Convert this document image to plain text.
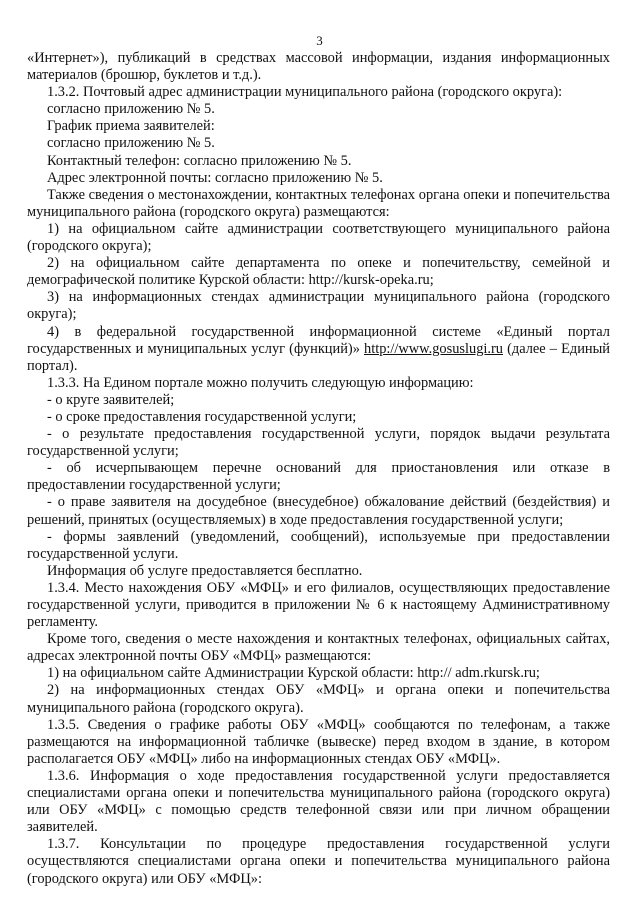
3

«Интернет»), публикаций в средствах массовой информации, издания информационных материалов (брошюр, буклетов и т.д.).

1.3.2. Почтовый адрес администрации муниципального района (городского округа):

согласно приложению № 5.

График приема заявителей:

согласно приложению № 5.

Контактный телефон: согласно приложению № 5.

Адрес электронной почты: согласно приложению № 5.

Также сведения о местонахождении, контактных телефонах органа опеки и попечительства муниципального района (городского округа) размещаются:

1) на официальном сайте администрации соответствующего муниципального района (городского округа);

2) на официальном сайте департамента по опеке и попечительству, семейной и демографической политике Курской области: http://kursk-opeka.ru;

3) на информационных стендах администрации муниципального района (городского округа);

4) в федеральной государственной информационной системе «Единый портал государственных и муниципальных услуг (функций)» http://www.gosuslugi.ru (далее – Единый портал).

1.3.3. На Едином портале можно получить следующую информацию:

- о круге заявителей;

- о сроке предоставления государственной услуги;

- о результате предоставления государственной услуги, порядок выдачи результата государственной услуги;

- об исчерпывающем перечне оснований для приостановления или отказе в предоставлении государственной услуги;

- о праве заявителя на досудебное (внесудебное) обжалование действий (бездействия) и решений, принятых (осуществляемых) в ходе предоставления государственной услуги;

- формы заявлений (уведомлений, сообщений), используемые при предоставлении государственной услуги.

Информация об услуге предоставляется бесплатно.

1.3.4. Место нахождения ОБУ «МФЦ» и его филиалов, осуществляющих предоставление государственной услуги, приводится в приложении № 6 к настоящему Административному регламенту.

Кроме того, сведения о месте нахождения и контактных телефонах, официальных сайтах, адресах электронной почты ОБУ «МФЦ» размещаются:

1) на официальном сайте Администрации Курской области: http:// adm.rkursk.ru;

2) на информационных стендах ОБУ «МФЦ» и органа опеки и попечительства муниципального района (городского округа).

1.3.5. Сведения о графике работы ОБУ «МФЦ» сообщаются по телефонам, а также размещаются на информационной табличке (вывеске) перед входом в здание, в котором располагается ОБУ «МФЦ» либо на информационных стендах ОБУ «МФЦ».

1.3.6. Информация о ходе предоставления государственной услуги предоставляется специалистами органа опеки и попечительства муниципального района (городского округа) или ОБУ «МФЦ» с помощью средств телефонной связи или при личном обращении заявителей.

1.3.7. Консультации по процедуре предоставления государственной услуги осуществляются специалистами органа опеки и попечительства муниципального района (городского округа) или ОБУ «МФЦ»:
